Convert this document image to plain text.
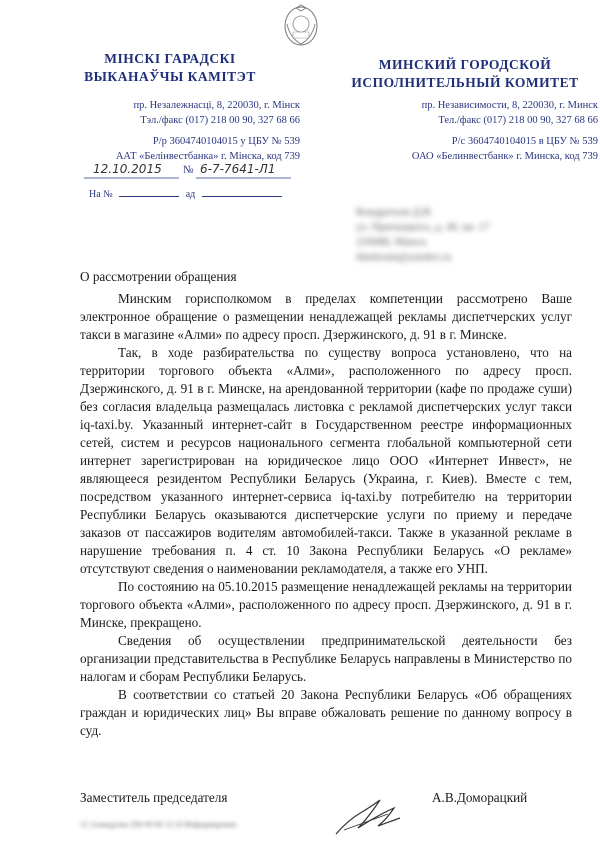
МІНСКІ ГАРАДСКІ
ВЫКАНАЎЧЫ КАМІТЭТ
пр. Незалежнасці, 8, 220030, г. Мінск
Тэл./факс (017) 218 00 90, 327 68 66
Р/р 3604740104015 у ЦБУ № 539
ААТ «Белінвестбанка» г. Мінска, код 739
МИНСКИЙ ГОРОДСКОЙ
ИСПОЛНИТЕЛЬНЫЙ КОМИТЕТ
пр. Независимости, 8, 220030, г. Минск
Тел./факс (017) 218 00 90, 327 68 66
Р/с 3604740104015 в ЦБУ № 539
ОАО «Белинвестбанк» г. Минска, код 739
12.10.2015 № 6-7-7641-Л1
На №	ад
Кондратьев Д.В.
ул. Притыцкого, д. 40, кв. 17
220088, Минск
dmdream@yandex.ru
О рассмотрении обращения

Минским горисполкомом в пределах компетенции рассмотрено Ваше электронное обращение о размещении ненадлежащей рекламы диспетчерских услуг такси в магазине «Алми» по адресу просп. Дзержинского, д. 91 в г. Минске.

Так, в ходе разбирательства по существу вопроса установлено, что на территории торгового объекта «Алми», расположенного по адресу просп. Дзержинского, д. 91 в г. Минске, на арендованной территории (кафе по продаже суши) без согласия владельца размещалась листовка с рекламой диспетчерских услуг такси iq-taxi.by. Указанный интернет-сайт в Государственном реестре информационных сетей, систем и ресурсов национального сегмента глобальной компьютерной сети интернет зарегистрирован на юридическое лицо ООО «Интернет Инвест», не являющееся резидентом Республики Беларусь (Украина, г. Киев). Вместе с тем, посредством указанного интернет-сервиса iq-taxi.by потребителю на территории Республики Беларусь оказываются диспетчерские услуги по приему и передаче заказов от пассажиров водителям автомобилей-такси. Также в указанной рекламе в нарушение требования п. 4 ст. 10 Закона Республики Беларусь «О рекламе» отсутствуют сведения о наименовании рекламодателя, а также его УНП.

По состоянию на 05.10.2015 размещение ненадлежащей рекламы на территории торгового объекта «Алми», расположенного по адресу просп. Дзержинского, д. 91 в г. Минске, прекращено.

Сведения об осуществлении предпринимательской деятельности без организации представительства в Республике Беларусь направлены в Министерство по налогам и сборам Республики Беларусь.

В соответствии со статьей 20 Закона Республики Беларусь «Об обращениях граждан и юридических лиц» Вы вправе обжаловать решение по данному вопросу в суд.

Заместитель председателя	А.В.Доморацкий
12 Ахмадулин 200 00 00 12.10 Информирован
